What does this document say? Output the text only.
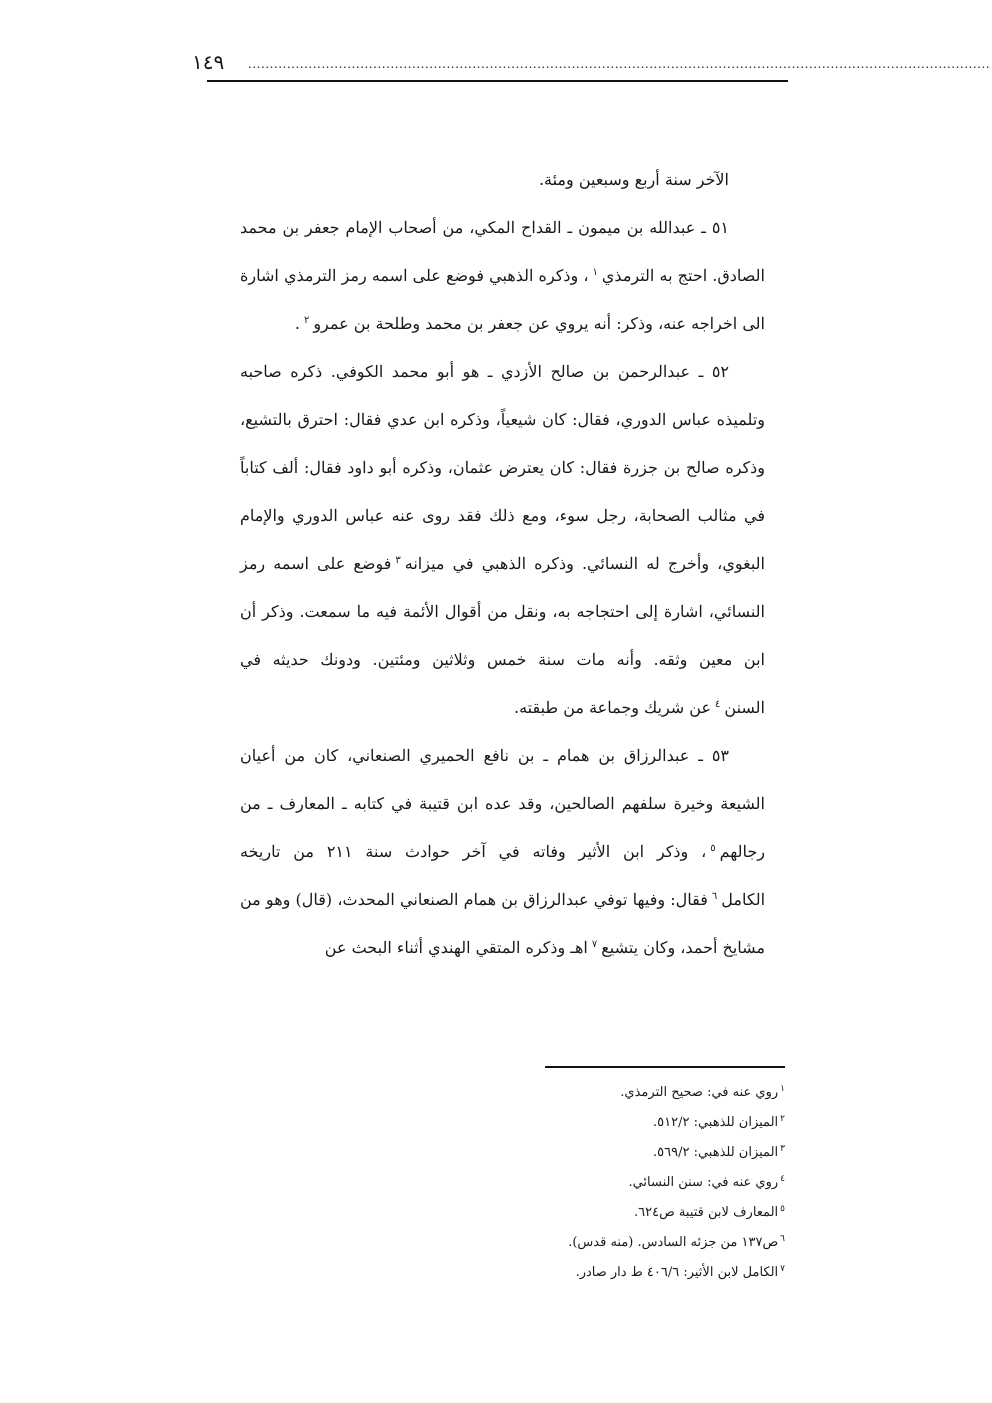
١٤٩ ............................................................................................................................................................................

الآخر سنة أربع وسبعين ومئة.

٥١ ـ عبدالله بن ميمون ـ القداح المكي، من أصحاب الإمام جعفر بن محمد الصادق. احتج به الترمذي$^١$، وذكره الذهبي فوضع على اسمه رمز الترمذي اشارة الى اخراجه عنه، وذكر: أنه يروي عن جعفر بن محمد وطلحة بن عمرو$^٢$.

٥٢ ـ عبدالرحمن بن صالح الأزدي ـ هو أبو محمد الكوفي. ذكره صاحبه وتلميذه عباس الدوري، فقال: كان شيعياً، وذكره ابن عدي فقال: احترق بالتشيع، وذكره صالح بن جزرة فقال: كان يعترض عثمان، وذكره أبو داود فقال: ألف كتاباً في مثالب الصحابة، رجل سوء، ومع ذلك فقد روى عنه عباس الدوري والإمام البغوي، وأخرج له النسائي. وذكره الذهبي في ميزانه$^٣$فوضع على اسمه رمز النسائي، اشارة إلى احتجاجه به، ونقل من أقوال الأئمة فيه ما سمعت. وذكر أن ابن معين وثقه. وأنه مات سنة خمس وثلاثين ومئتين. ودونك حديثه في السنن$^٤$عن شريك وجماعة من طبقته.

٥٣ ـ عبدالرزاق بن همام ـ بن نافع الحميري الصنعاني، كان من أعيان الشيعة وخيرة سلفهم الصالحين، وقد عده ابن قتيبة في كتابه ـ المعارف ـ من رجالهم$^٥$، وذكر ابن الأثير وفاته في آخر حوادث سنة ٢١١ من تاريخه الكامل$^٦$فقال: وفيها توفي عبدالرزاق بن همام الصنعاني المحدث، (قال) وهو من مشايخ أحمد، وكان يتشيع$^٧$اهـ وذكره المتقي الهندي أثناء البحث عن

$^١$روي عنه في: صحيح الترمذي.
$^٢$الميزان للذهبي: ٥١٢/٢.
$^٣$الميزان للذهبي: ٥٦٩/٢.
$^٤$روي عنه في: سنن النسائي.
$^٥$المعارف لابن قتيبة ص٦٢٤.
$^٦$ص١٣٧ من جزئه السادس. (منه قدس).
$^٧$الكامل لابن الأثير: ٤٠٦/٦ ط دار صادر.
